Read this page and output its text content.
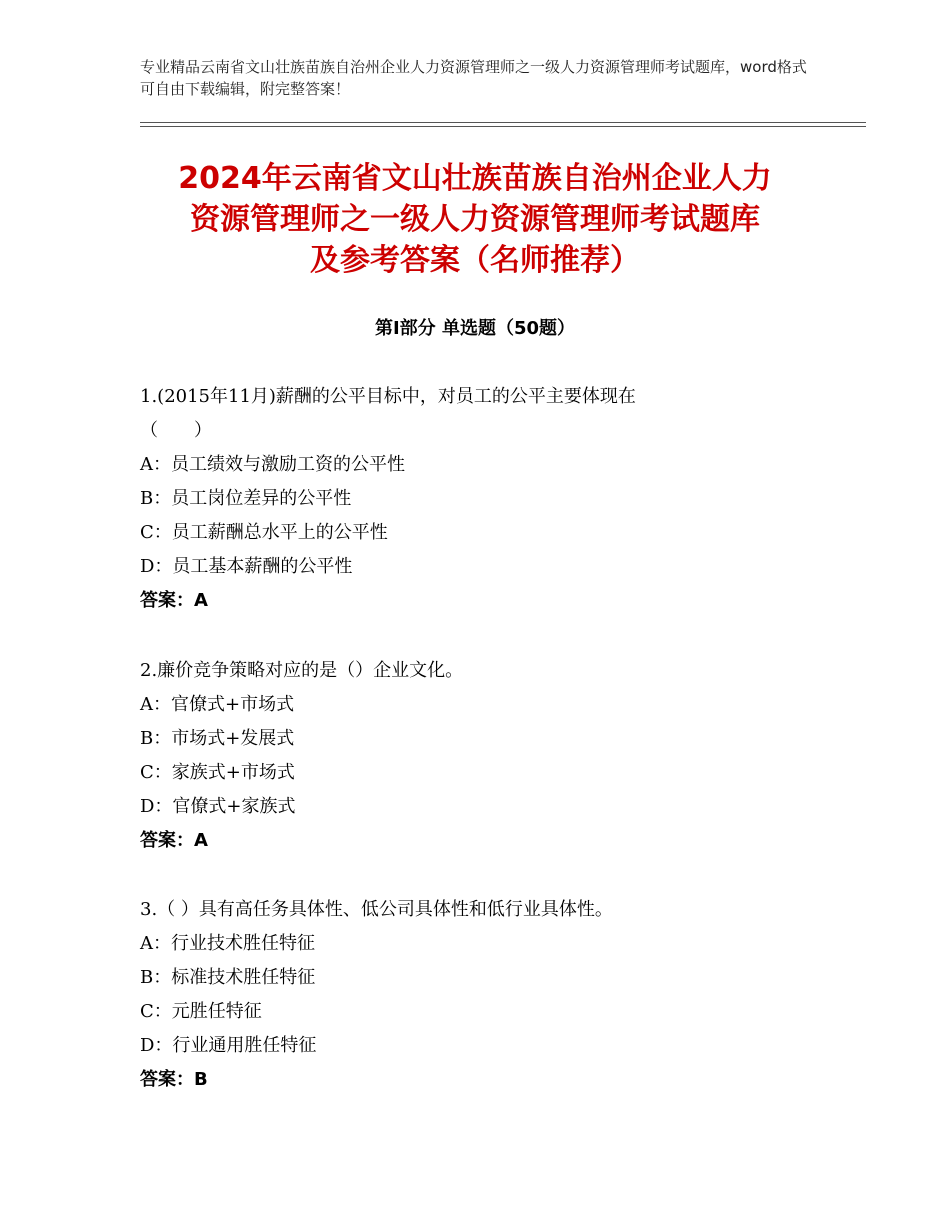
专业精品云南省文山壮族苗族自治州企业人力资源管理师之一级人力资源管理师考试题库，word格式可自由下载编辑，附完整答案！
2024年云南省文山壮族苗族自治州企业人力
资源管理师之一级人力资源管理师考试题库
及参考答案（名师推荐）
第Ⅰ部分 单选题（50题）
1.(2015年11月)薪酬的公平目标中，对员工的公平主要体现在
（　　）
A：员工绩效与激励工资的公平性
B：员工岗位差异的公平性
C：员工薪酬总水平上的公平性
D：员工基本薪酬的公平性
答案：A
2.廉价竞争策略对应的是（）企业文化。
A：官僚式+市场式
B：市场式+发展式
C：家族式+市场式
D：官僚式+家族式
答案：A
3.（ ）具有高任务具体性、低公司具体性和低行业具体性。
A：行业技术胜任特征
B：标准技术胜任特征
C：元胜任特征
D：行业通用胜任特征
答案：B
